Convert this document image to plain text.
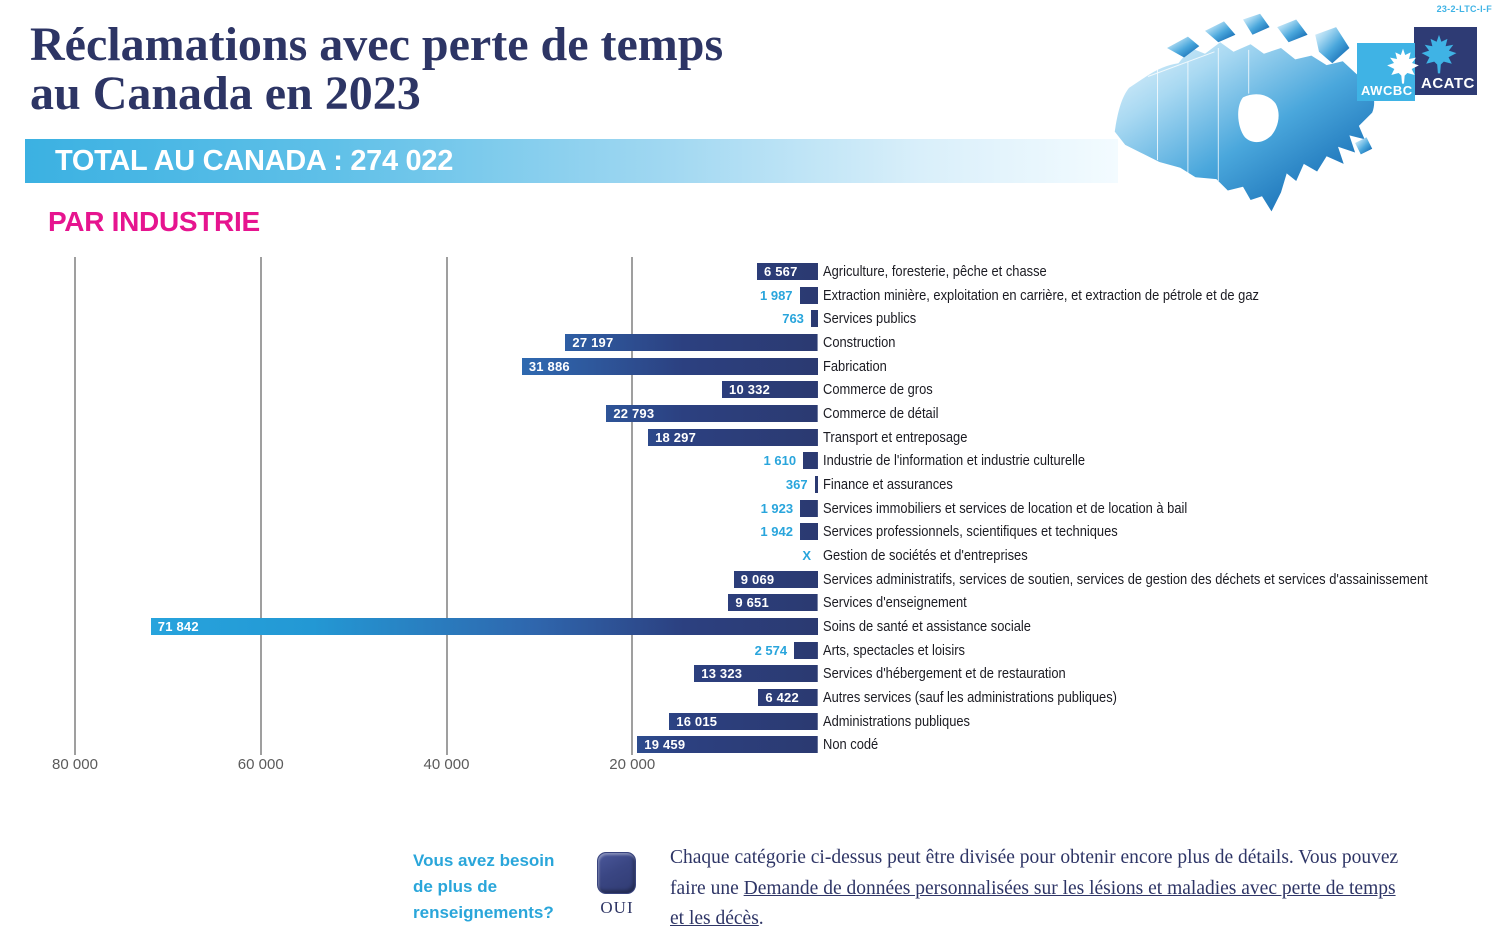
23-2-LTC-I-F
Réclamations avec perte de temps
au Canada en 2023
TOTAL AU CANADA : 274 022
AWCBC ACATC
PAR INDUSTRIE
80 000	60 000	40 000	20 000
6 567 Agriculture, foresterie, pêche et chasse
1 987 Extraction minière, exploitation en carrière, et extraction de pétrole et de gaz
763 Services publics
27 197	Construction
31 886	Fabrication
10 332	Commerce de gros
22 793	Commerce de détail
18 297	Transport et entreposage
1 610 Industrie de l'information et industrie culturelle
367 Finance et assurances
1 923 Services immobiliers et services de location et de location à bail
1 942 Services professionnels, scientifiques et techniques
X Gestion de sociétés et d'entreprises
9 069	Services administratifs, services de soutien, services de gestion des déchets et services d'assainissement
9 651	Services d'enseignement
71 842	Soins de santé et assistance sociale
2 574 Arts, spectacles et loisirs
13 323	Services d'hébergement et de restauration
6 422 Autres services (sauf les administrations publiques)
16 015	Administrations publiques
19 459	Non codé
Vous avez besoin
de plus de
renseignements?	OUI
Chaque catégorie ci-dessus peut être divisée pour obtenir encore plus de détails. Vous pouvez faire une Demande de données personnalisées sur les lésions et maladies avec perte de temps et les décès.
